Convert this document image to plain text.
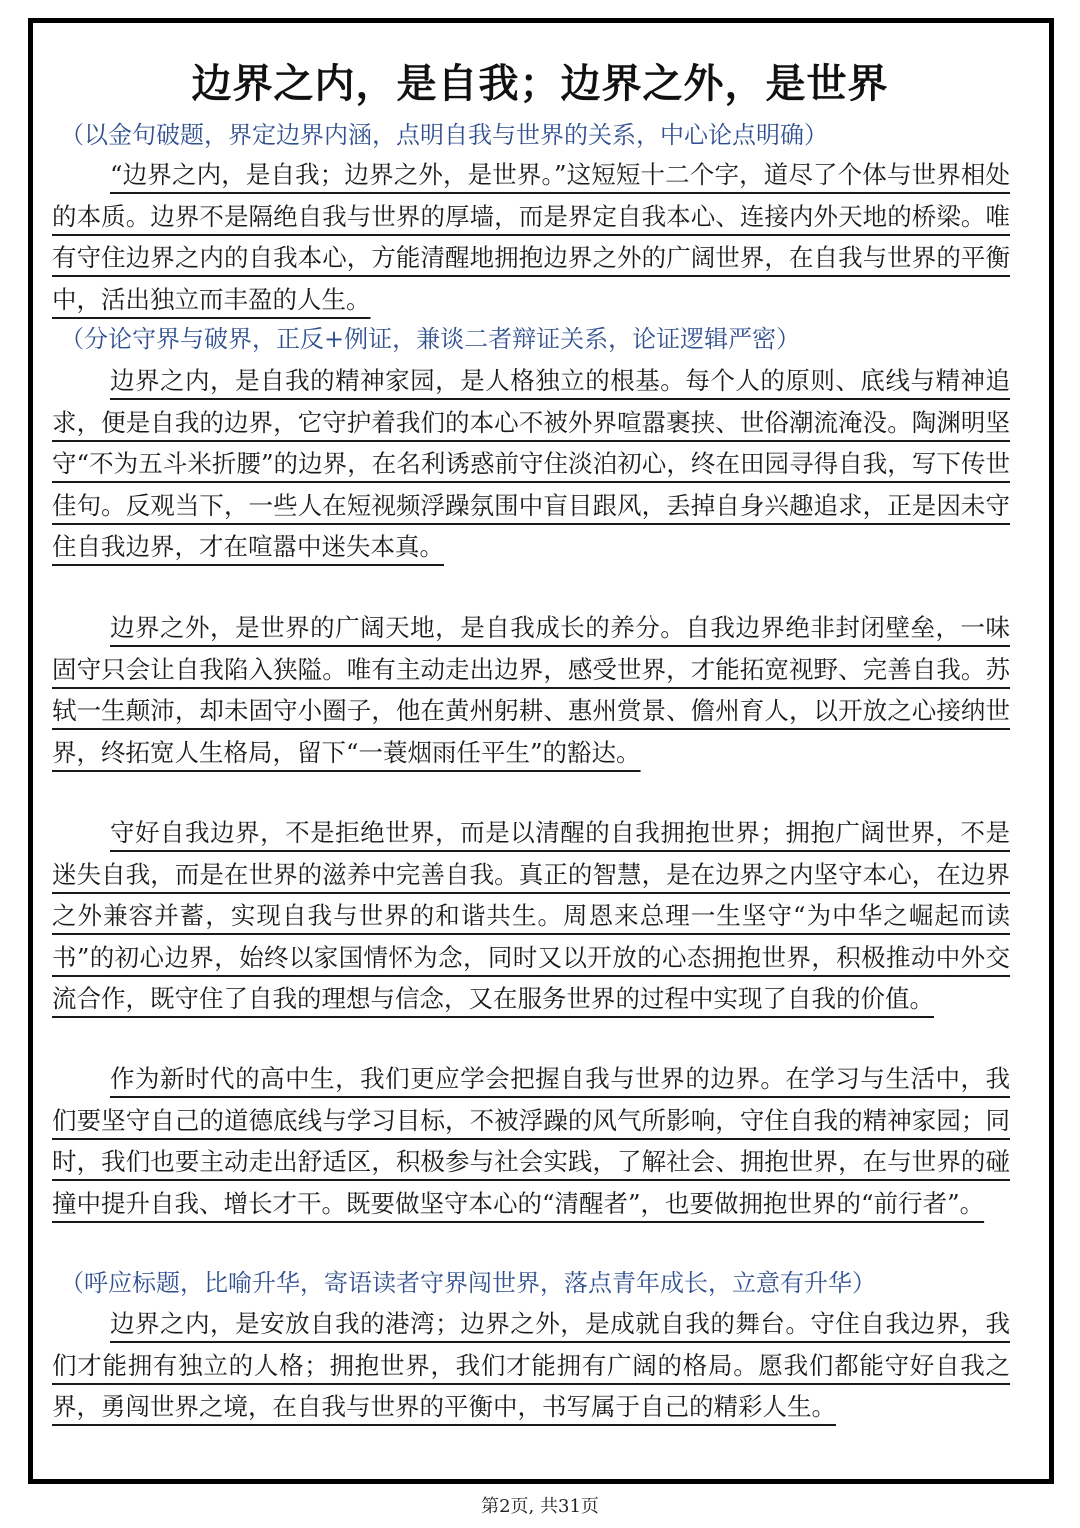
边界之内，是自我；边界之外，是世界
（以金句破题，界定边界内涵，点明自我与世界的关系，中心论点明确）
“边界之内，是自我；边界之外，是世界。”这短短十二个字，道尽了个体与世界相处的本质。边界不是隔绝自我与世界的厚墙，而是界定自我本心、连接内外天地的桥梁。唯有守住边界之内的自我本心，方能清醒地拥抱边界之外的广阔世界，在自我与世界的平衡中，活出独立而丰盈的人生。
（分论守界与破界，正反+例证，兼谈二者辩证关系，论证逻辑严密）
边界之内，是自我的精神家园，是人格独立的根基。每个人的原则、底线与精神追求，便是自我的边界，它守护着我们的本心不被外界喧嚣裹挟、世俗潮流淹没。陶渊明坚守“不为五斗米折腰”的边界，在名利诱惑前守住淡泊初心，终在田园寻得自我，写下传世佳句。反观当下，一些人在短视频浮躁氛围中盲目跟风，丢掉自身兴趣追求，正是因未守住自我边界，才在喧嚣中迷失本真。
边界之外，是世界的广阔天地，是自我成长的养分。自我边界绝非封闭壁垒，一味固守只会让自我陷入狭隘。唯有主动走出边界，感受世界，才能拓宽视野、完善自我。苏轼一生颠沛，却未固守小圈子，他在黄州躬耕、惠州赏景、儋州育人，以开放之心接纳世界，终拓宽人生格局，留下“一蓑烟雨任平生”的豁达。
守好自我边界，不是拒绝世界，而是以清醒的自我拥抱世界；拥抱广阔世界，不是迷失自我，而是在世界的滋养中完善自我。真正的智慧，是在边界之内坚守本心，在边界之外兼容并蓄，实现自我与世界的和谐共生。周恩来总理一生坚守“为中华之崛起而读书”的初心边界，始终以家国情怀为念，同时又以开放的心态拥抱世界，积极推动中外交流合作，既守住了自我的理想与信念，又在服务世界的过程中实现了自我的价值。
作为新时代的高中生，我们更应学会把握自我与世界的边界。在学习与生活中，我们要坚守自己的道德底线与学习目标，不被浮躁的风气所影响，守住自我的精神家园；同时，我们也要主动走出舒适区，积极参与社会实践，了解社会、拥抱世界，在与世界的碰撞中提升自我、增长才干。既要做坚守本心的“清醒者”，也要做拥抱世界的“前行者”。
（呼应标题，比喻升华，寄语读者守界闯世界，落点青年成长，立意有升华）
边界之内，是安放自我的港湾；边界之外，是成就自我的舞台。守住自我边界，我们才能拥有独立的人格；拥抱世界，我们才能拥有广阔的格局。愿我们都能守好自我之界，勇闯世界之境，在自我与世界的平衡中，书写属于自己的精彩人生。
第2页, 共31页
